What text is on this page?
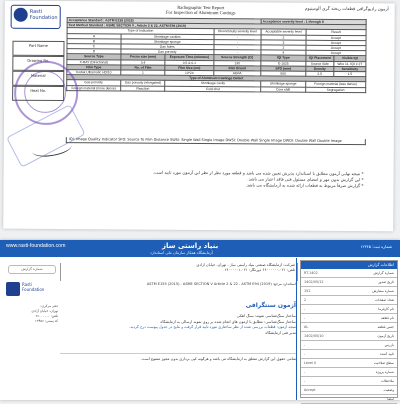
Rasti
Foundation
Radiographic Test Report
For Inspection of Aluminum Castings
آزمون رادیوگرافی قطعات ریخته گری آلومینیوم
Acceptance Standard : ASTM E155 (2015)				Acceptance severity level : 1 through 8		
Test Method Standard : ASME SECTION V , Article 2 & 22, ASTM E94 (2019)						
Type of Indication			Discontinuity severity level	Acceptable severity level	Result	
A	Shrinkage cavities		-	2	Accept	
B	Shrinkage sponge		-	3	Accept	
C	Gas holes		-	2	Accept	
D	Gas porosity		-	4	Accept	
Source Type	Focus size (mm)	Exposure Time (minutes)	Source Strength (Ci)	IQI Type	IQI Placement	Visible IQI
X-RAY (Directional)	0.4	0.5 & 0.1	130	E-1025	Source Side	Wire 11, IQI 2-2T
Film Type	No. of Film	Film Size (cm)	Film Brand	SFD (mm)	Density	Sensitivity
Kodak Ultramatic HD/10	1	10*24	AGFA	800	2.5	1.5
Type of Aluminum Castings Defect						
Gas porosity	Gas porosity (elongated)	Shrinkage cavity		Shrinkage sponge	Foreign material (less dense)	
Foreign material (more dense)	Reaction	Cold shut		Core shift	Segregation	
Part Name
Drawing No.
Material
Heat No.
IQI: Image Quality Indicator SFD: Source To Film Distance SWSI: Single Wall Single Image DWSI: Double Wall Single Image DWDI: Double Wall Double Image
* نتیجه نهایی آزمون مطابق با استاندارد پذیرش تعیین شده می باشد و قطعه مورد نظر از نظر این آزمون مورد تایید است.
* این گزارش بدون مهر و امضای مسئول فنی فاقد اعتبار می باشد.
* گزارش صرفاً مربوط به قطعات ارائه شده به آزمایشگاه می باشد.
www.rasti-foundation.com	بنیاد راستی ساز
آزمایشگاه همکار سازمان ملی استاندارد
شماره ثبت: ۱۲۳۴۵
شماره گزارش
شرکت: آزمایشگاه صنعتی بنیاد راستی ساز - تهران، خیابان آزادی
تلفن: ۰۲۱-۶۶۰۰۰۰۰۰ دورنگار: ۰۲۱-۶۶۰۰۰۰۰۱
اطلاعات گزارش
شماره گزارش
RT-1402
تاریخ صدور
1402/05/12
شماره سفارش
152
تعداد صفحات
2
نام کارفرما
-
نام قطعه
-
جنس قطعه
AL
تاریخ آزمون
1402/05/10
بازرس
-
تایید کننده
-
سطح صلاحیت
Level II
شماره پروژه
-
ملاحظات
-
وضعیت
Accept
امضا
Rasti
Foundation
دفتر مرکزی:
تهران، خیابان آزادی
تلفن: ۶۶۰۰۰۰۰۰
کد پستی: ۱۳۴۵۶
استاندارد مرجع: ASTM E155 (2015) - ASME SECTION V Article 2 & 22 - ASTM E94 (2019)
آزمون سنتگرافی
ساختار سنگ‌شناسی نمونه: سنگ آهکی
ساختار سنگ‌شناسی: مطابق با آزمون های انجام شده بر روی نمونه ارسالی به آزمایشگاه
نتیجه آزمون: قطعات بررسی شده از نظر ساختاری مورد تایید قرار گرفت و نتایج در جدول پیوست درج گردید.
مدیر فنی آزمایشگاه
تمامی حقوق این گزارش متعلق به آزمایشگاه می باشد و هرگونه کپی برداری بدون مجوز ممنوع است.
